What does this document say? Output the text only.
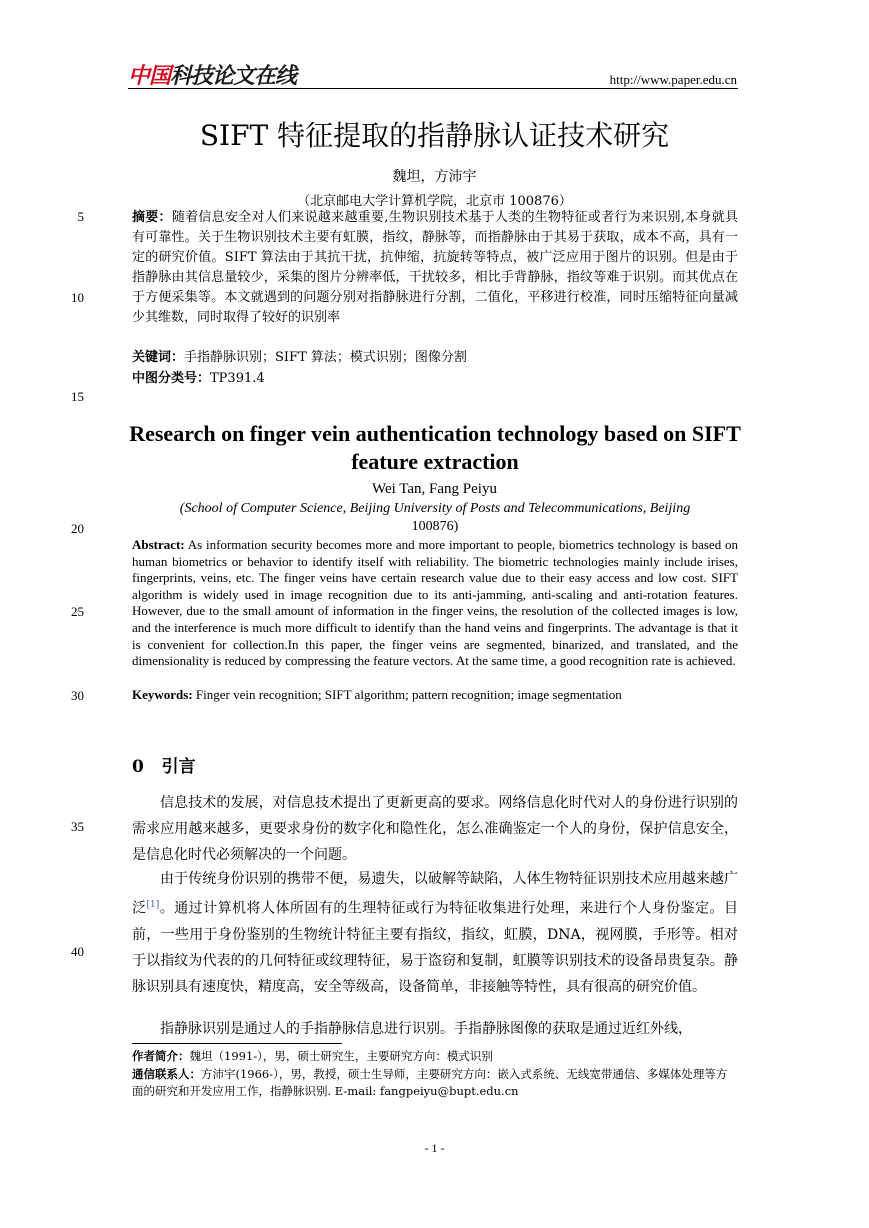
中国科技论文在线	http://www.paper.edu.cn
SIFT 特征提取的指静脉认证技术研究
魏坦，方沛宇
（北京邮电大学计算机学院，北京市 100876）
5
10
15
20
25
30
35
40
摘要：随着信息安全对人们来说越来越重要,生物识别技术基于人类的生物特征或者行为来识别,本身就具有可靠性。关于生物识别技术主要有虹膜，指纹，静脉等，而指静脉由于其易于获取，成本不高，具有一定的研究价值。SIFT 算法由于其抗干扰，抗伸缩，抗旋转等特点，被广泛应用于图片的识别。但是由于指静脉由其信息量较少，采集的图片分辨率低，干扰较多，相比手背静脉，指纹等难于识别。而其优点在于方便采集等。本文就遇到的问题分别对指静脉进行分割，二值化，平移进行校准，同时压缩特征向量减少其维数，同时取得了较好的识别率
关键词：手指静脉识别；SIFT 算法；模式识别；图像分割
中图分类号：TP391.4
Research on finger vein authentication technology based on SIFT feature extraction
Wei Tan, Fang Peiyu
(School of Computer Science, Beijing University of Posts and Telecommunications, Beijing
100876)
Abstract: As information security becomes more and more important to people, biometrics technology is based on human biometrics or behavior to identify itself with reliability. The biometric technologies mainly include irises, fingerprints, veins, etc. The finger veins have certain research value due to their easy access and low cost. SIFT algorithm is widely used in image recognition due to its anti-jamming, anti-scaling and anti-rotation features. However, due to the small amount of information in the finger veins, the resolution of the collected images is low, and the interference is much more difficult to identify than the hand veins and fingerprints. The advantage is that it is convenient for collection.In this paper, the finger veins are segmented, binarized, and translated, and the dimensionality is reduced by compressing the feature vectors. At the same time, a good recognition rate is achieved.
Keywords: Finger vein recognition; SIFT algorithm; pattern recognition; image segmentation
0 引言
信息技术的发展，对信息技术提出了更新更高的要求。网络信息化时代对人的身份进行识别的需求应用越来越多，更要求身份的数字化和隐性化，怎么准确鉴定一个人的身份，保护信息安全，是信息化时代必须解决的一个问题。
由于传统身份识别的携带不便，易遗失，以破解等缺陷，人体生物特征识别技术应用越来越广泛[1]。通过计算机将人体所固有的生理特征或行为特征收集进行处理，来进行个人身份鉴定。目前，一些用于身份鉴别的生物统计特征主要有指纹，指纹，虹膜，DNA，视网膜，手形等。相对于以指纹为代表的的几何特征或纹理特征，易于盗窃和复制，虹膜等识别技术的设备昂贵复杂。静脉识别具有速度快，精度高，安全等级高，设备简单，非接触等特性，具有很高的研究价值。
指静脉识别是通过人的手指静脉信息进行识别。手指静脉图像的获取是通过近红外线，
作者简介：魏坦（1991-），男，硕士研究生，主要研究方向：模式识别
通信联系人：方沛宇(1966-），男，教授，硕士生导师，主要研究方向：嵌入式系统、无线宽带通信、多媒体处理等方面的研究和开发应用工作，指静脉识别. E-mail: fangpeiyu@bupt.edu.cn
- 1 -
